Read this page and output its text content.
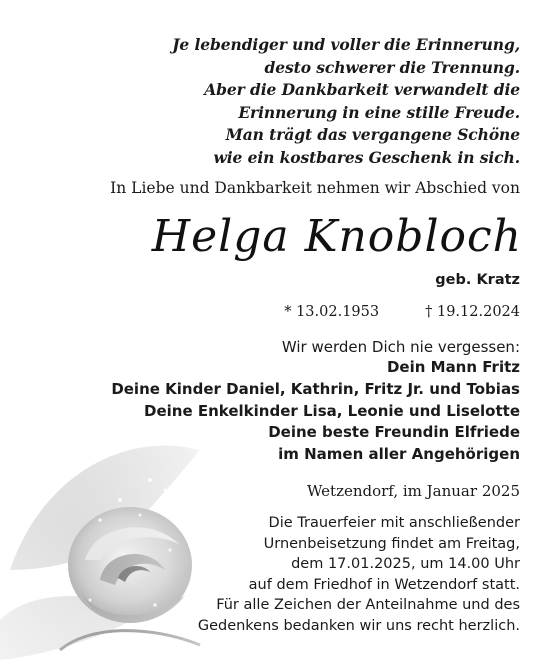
Je lebendiger und voller die Erinnerung,
desto schwerer die Trennung.
Aber die Dankbarkeit verwandelt die
Erinnerung in eine stille Freude.
Man trägt das vergangene Schöne
wie ein kostbares Geschenk in sich.
In Liebe und Dankbarkeit nehmen wir Abschied von
Helga Knobloch
geb. Kratz
* 13.02.1953	† 19.12.2024
Wir werden Dich nie vergessen:
Dein Mann Fritz
Deine Kinder Daniel, Kathrin, Fritz Jr. und Tobias
Deine Enkelkinder Lisa, Leonie und Liselotte
Deine beste Freundin Elfriede
im Namen aller Angehörigen
Wetzendorf, im Januar 2025
Die Trauerfeier mit anschließender
Urnenbeisetzung findet am Freitag,
dem 17.01.2025, um 14.00 Uhr
auf dem Friedhof in Wetzendorf statt.
Für alle Zeichen der Anteilnahme und des
Gedenkens bedanken wir uns recht herzlich.
